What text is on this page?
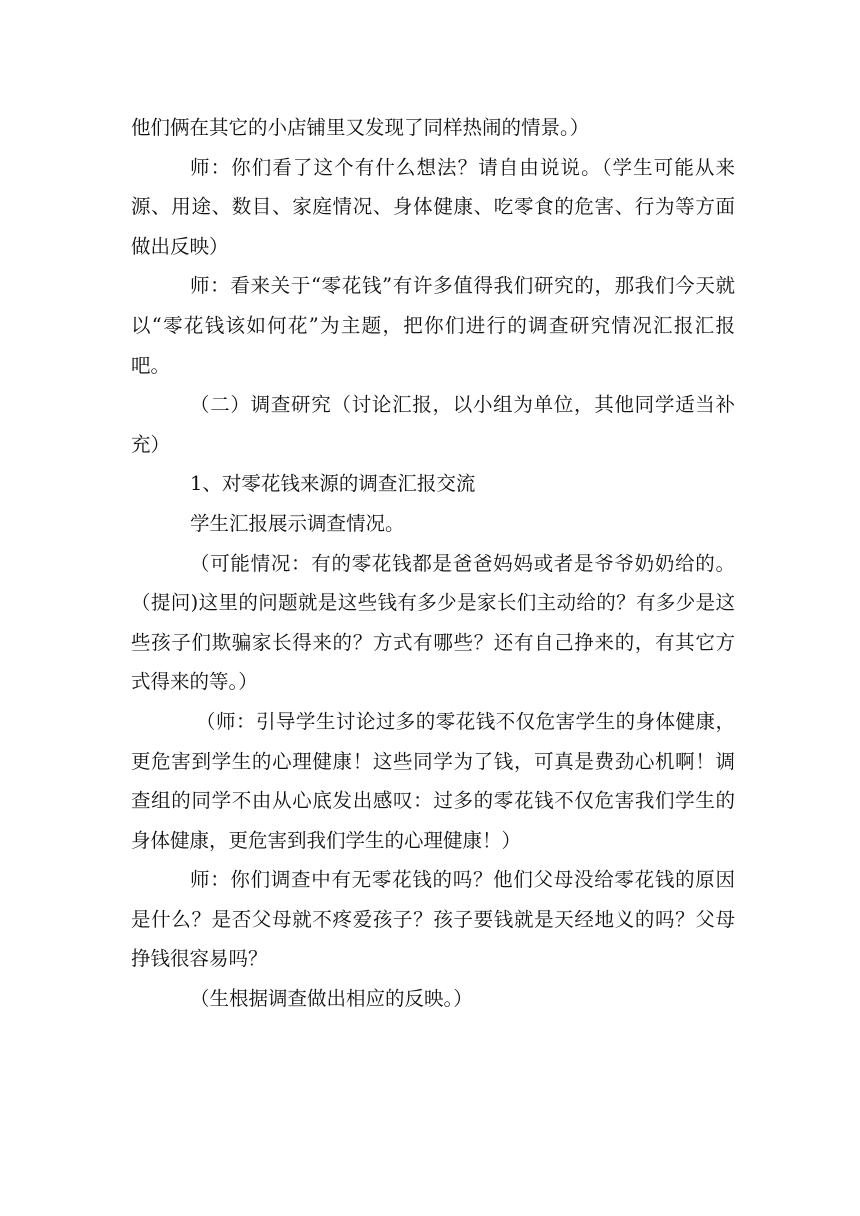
他们俩在其它的小店铺里又发现了同样热闹的情景。）

师：你们看了这个有什么想法？请自由说说。（学生可能从来源、用途、数目、家庭情况、身体健康、吃零食的危害、行为等方面做出反映）

师：看来关于“零花钱”有许多值得我们研究的，那我们今天就以“零花钱该如何花”为主题，把你们进行的调查研究情况汇报汇报吧。

（二）调查研究（讨论汇报，以小组为单位，其他同学适当补充）

1、对零花钱来源的调查汇报交流

学生汇报展示调查情况。

（可能情况：有的零花钱都是爸爸妈妈或者是爷爷奶奶给的。（提问)这里的问题就是这些钱有多少是家长们主动给的？有多少是这些孩子们欺骗家长得来的？方式有哪些？还有自己挣来的，有其它方式得来的等。）

（师：引导学生讨论过多的零花钱不仅危害学生的身体健康，更危害到学生的心理健康！这些同学为了钱，可真是费劲心机啊！调查组的同学不由从心底发出感叹：过多的零花钱不仅危害我们学生的身体健康，更危害到我们学生的心理健康！）

师：你们调查中有无零花钱的吗？他们父母没给零花钱的原因是什么？是否父母就不疼爱孩子？孩子要钱就是天经地义的吗？父母挣钱很容易吗？

（生根据调查做出相应的反映。）
